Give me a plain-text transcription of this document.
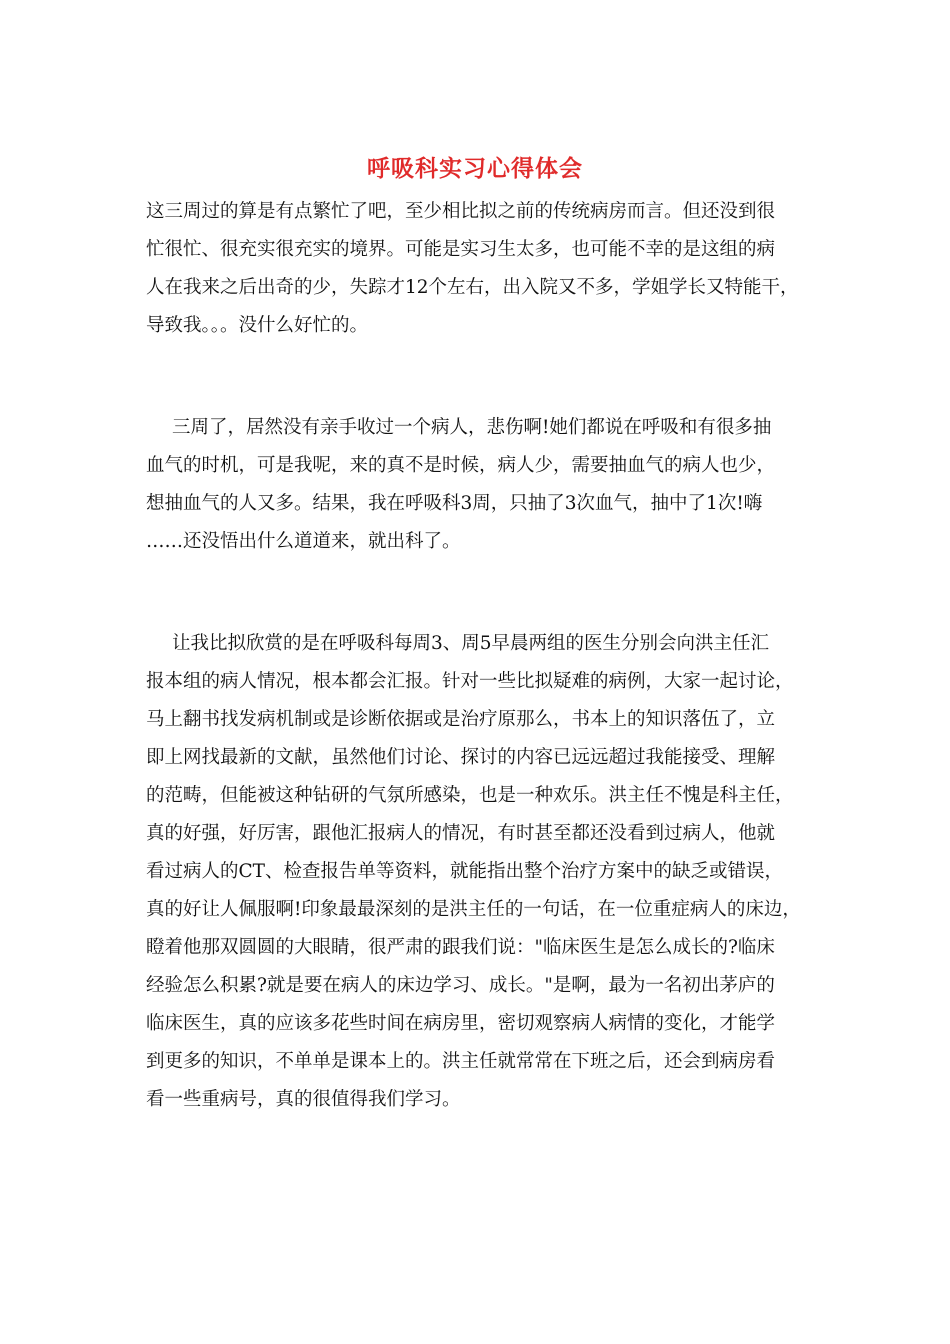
呼吸科实习心得体会
这三周过的算是有点繁忙了吧，至少相比拟之前的传统病房而言。但还没到很
忙很忙、很充实很充实的境界。可能是实习生太多，也可能不幸的是这组的病
人在我来之后出奇的少，失踪才12个左右，出入院又不多，学姐学长又特能干，
导致我。。。没什么好忙的。
三周了，居然没有亲手收过一个病人，悲伤啊!她们都说在呼吸和有很多抽
血气的时机，可是我呢，来的真不是时候，病人少，需要抽血气的病人也少，
想抽血气的人又多。结果，我在呼吸科3周，只抽了3次血气，抽中了1次!嗨
……还没悟出什么道道来，就出科了。
让我比拟欣赏的是在呼吸科每周3、周5早晨两组的医生分别会向洪主任汇
报本组的病人情况，根本都会汇报。针对一些比拟疑难的病例，大家一起讨论，
马上翻书找发病机制或是诊断依据或是治疗原那么，书本上的知识落伍了，立
即上网找最新的文献，虽然他们讨论、探讨的内容已远远超过我能接受、理解
的范畴，但能被这种钻研的气氛所感染，也是一种欢乐。洪主任不愧是科主任，
真的好强，好厉害，跟他汇报病人的情况，有时甚至都还没看到过病人，他就
看过病人的CT、检查报告单等资料，就能指出整个治疗方案中的缺乏或错误，
真的好让人佩服啊!印象最最深刻的是洪主任的一句话，在一位重症病人的床边，
瞪着他那双圆圆的大眼睛，很严肃的跟我们说："临床医生是怎么成长的?临床
经验怎么积累?就是要在病人的床边学习、成长。"是啊，最为一名初出茅庐的
临床医生，真的应该多花些时间在病房里，密切观察病人病情的变化，才能学
到更多的知识，不单单是课本上的。洪主任就常常在下班之后，还会到病房看
看一些重病号，真的很值得我们学习。
